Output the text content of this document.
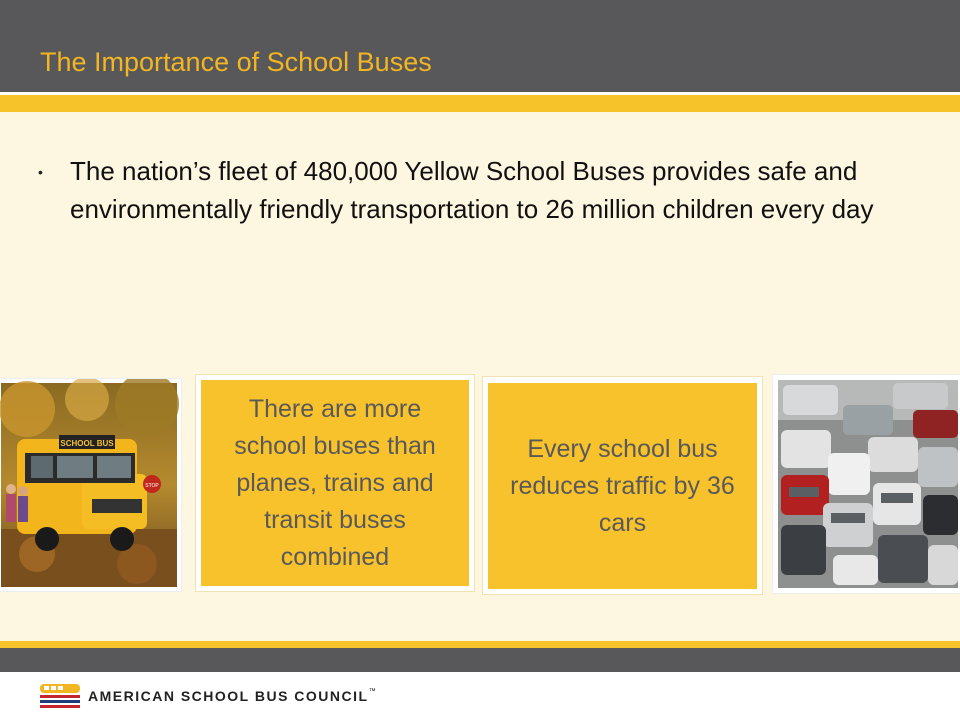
The Importance of School Buses
•	The nation’s fleet of 480,000 Yellow School Buses provides safe and environmentally friendly transportation to 26 million children every day
SCHOOL BUS
STOP
There are more school buses than planes, trains and transit buses combined
Every school bus reduces traffic by 36 cars
AMERICAN SCHOOL BUS COUNCIL™
